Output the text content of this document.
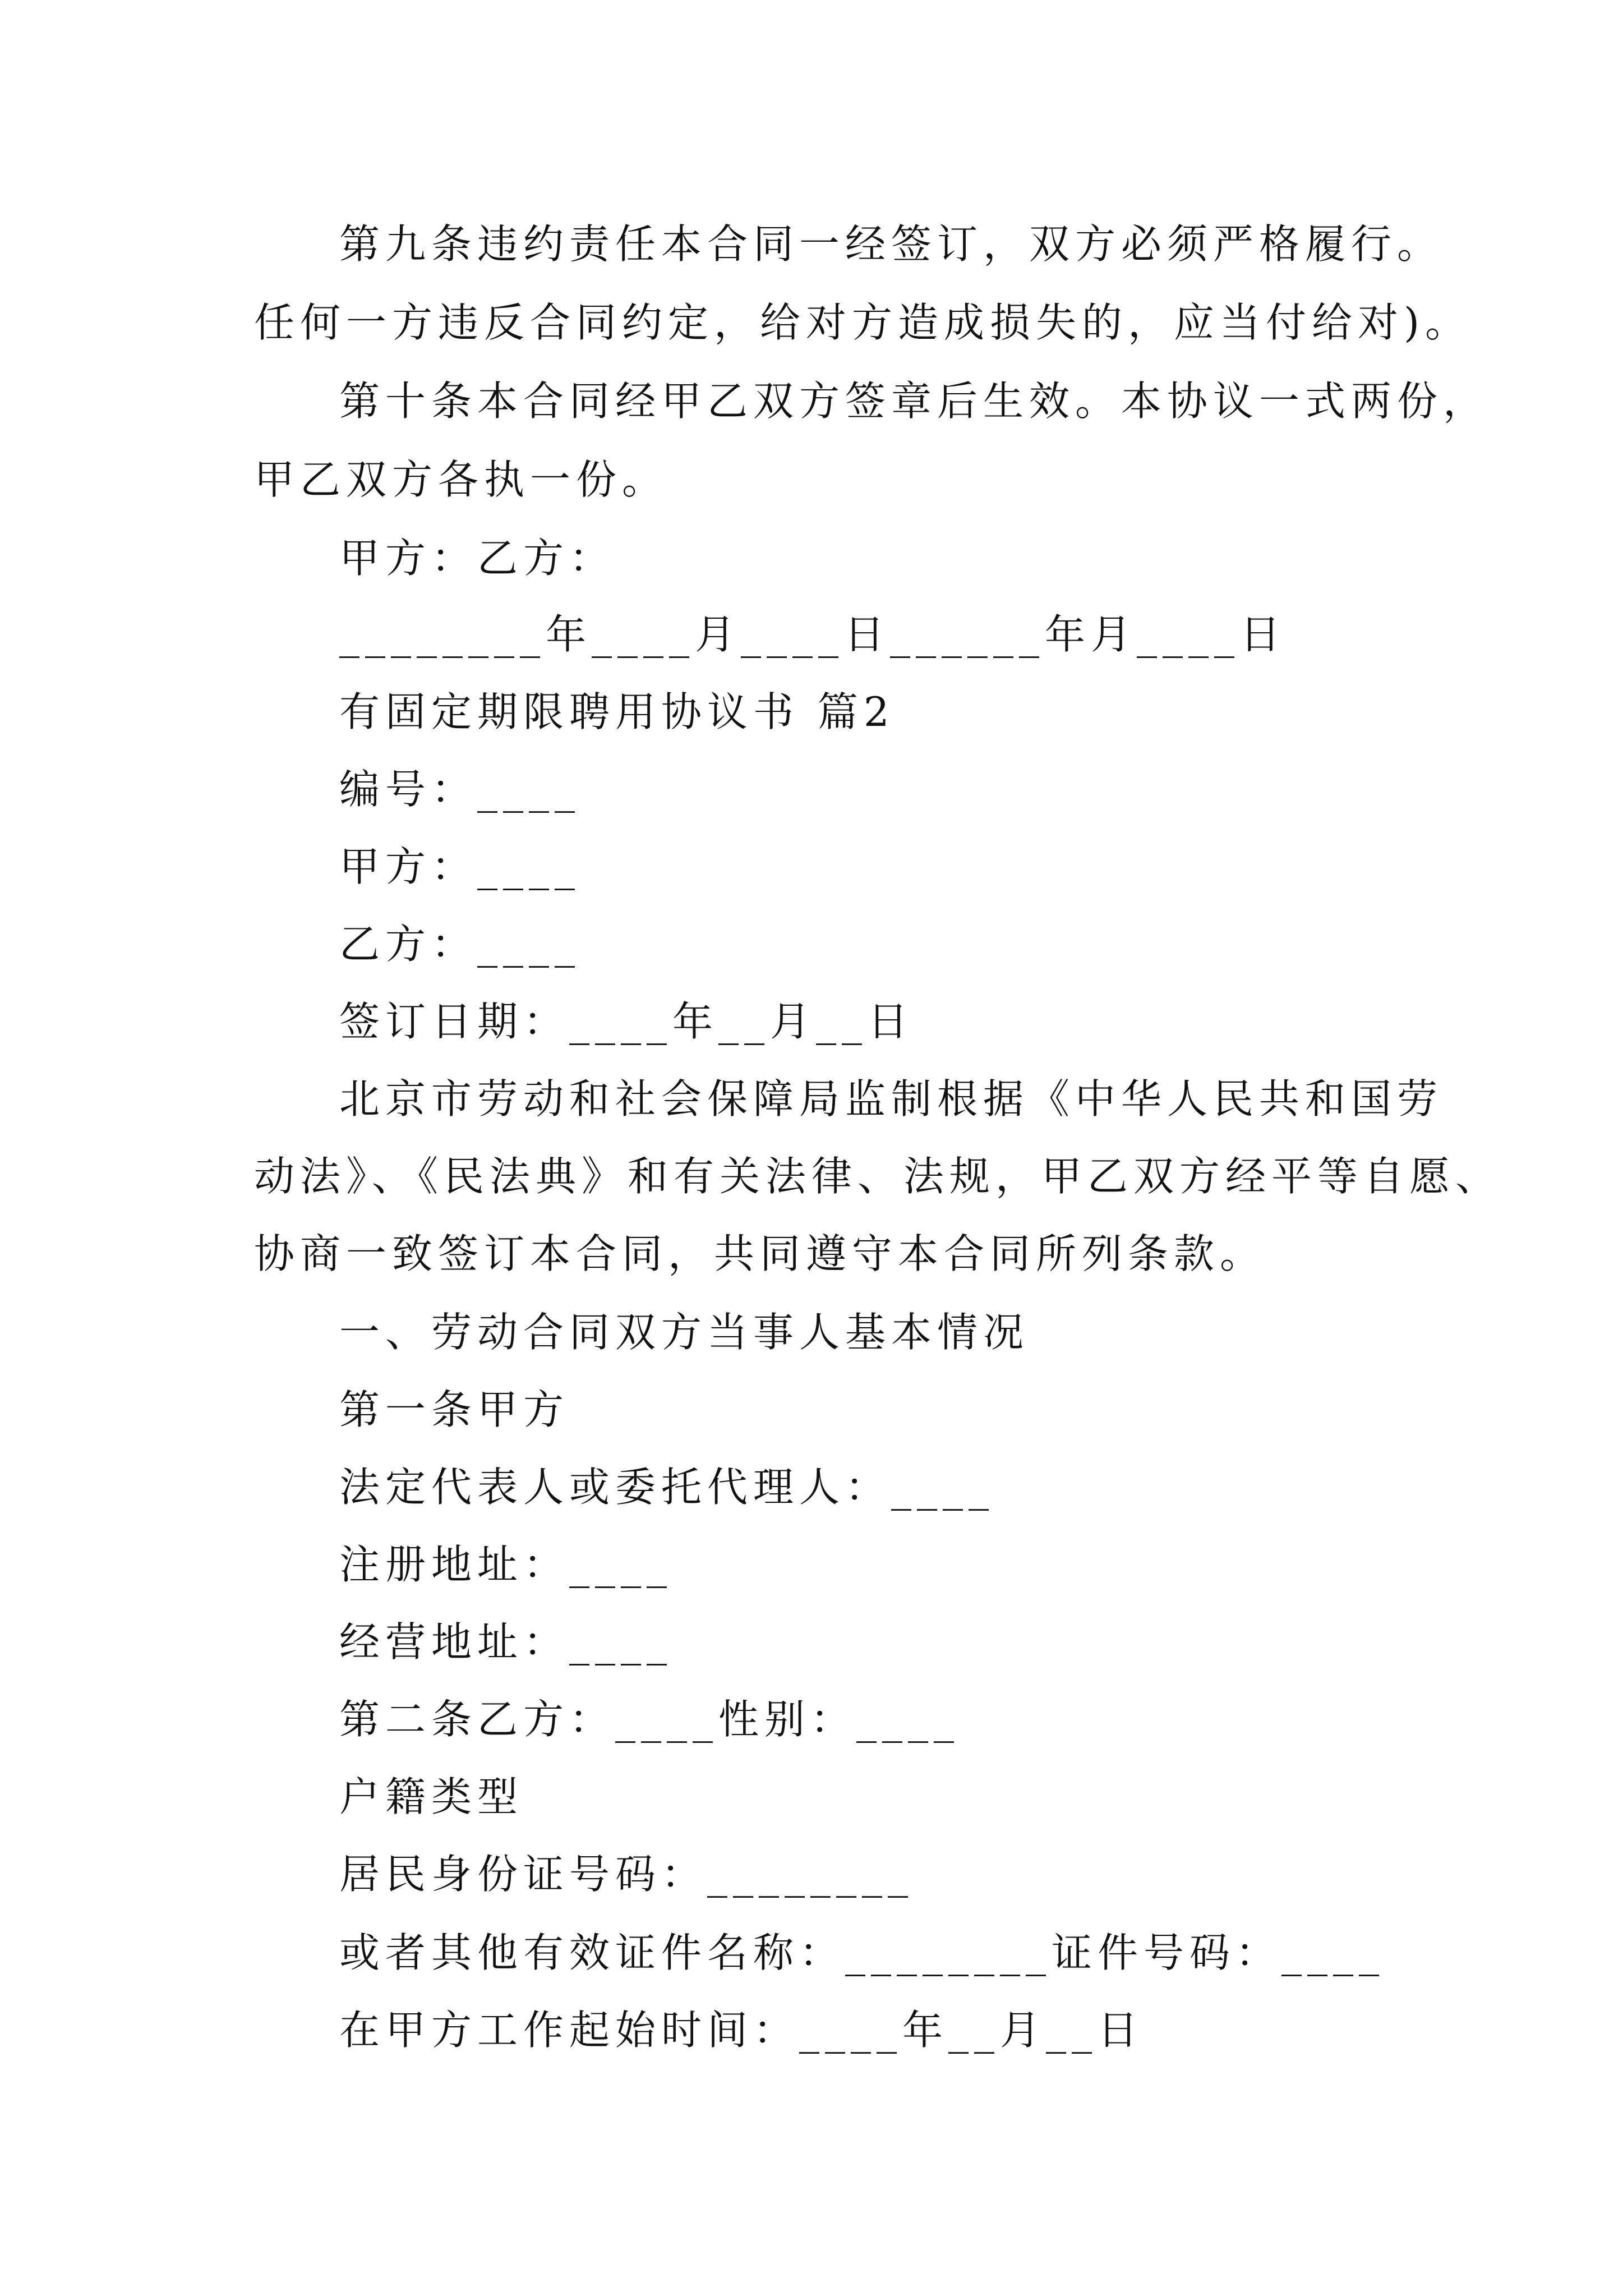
第九条违约责任本合同一经签订，双方必须严格履行。
任何一方违反合同约定，给对方造成损失的，应当付给对)。
第十条本合同经甲乙双方签章后生效。本协议一式两份，
甲乙双方各执一份。
甲方：乙方：
________年____月____日______年月____日
有固定期限聘用协议书 篇2
编号：____
甲方：____
乙方：____
签订日期：____年__月__日
北京市劳动和社会保障局监制根据《中华人民共和国劳
动法》、《民法典》和有关法律、法规，甲乙双方经平等自愿、
协商一致签订本合同，共同遵守本合同所列条款。
一、劳动合同双方当事人基本情况
第一条甲方
法定代表人或委托代理人：____
注册地址：____
经营地址：____
第二条乙方：____性别：____
户籍类型
居民身份证号码：________
或者其他有效证件名称：________证件号码：____
在甲方工作起始时间：____年__月__日
